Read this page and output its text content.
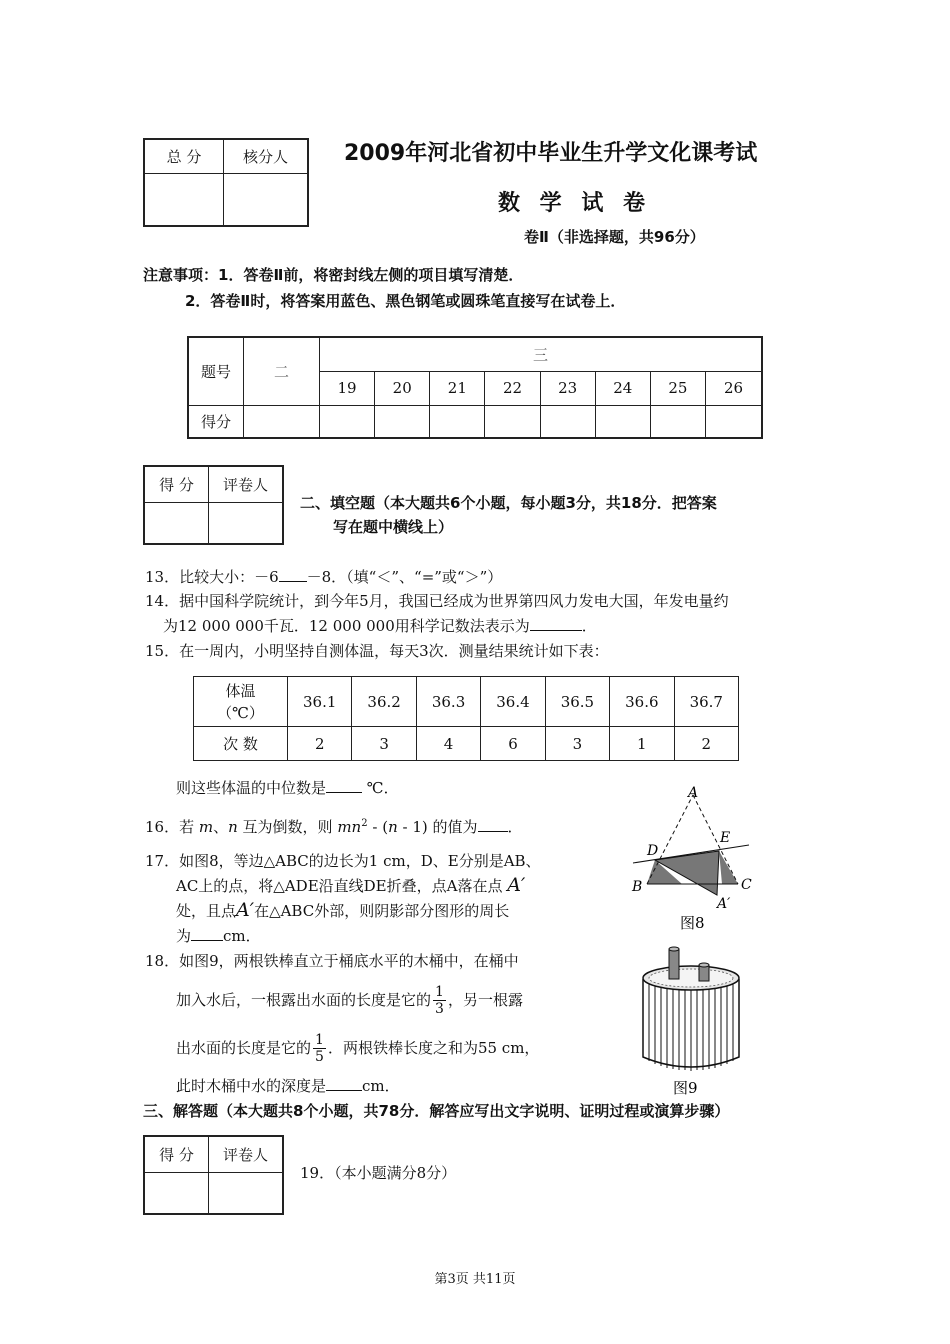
总 分	核分人
		2009年河北省初中毕业生升学文化课考试
数 学 试 卷
卷Ⅱ（非选择题，共96分）
注意事项：1．答卷Ⅱ前，将密封线左侧的项目填写清楚．
2．答卷Ⅱ时，将答案用蓝色、黑色钢笔或圆珠笔直接写在试卷上．
题号	二	三							
		19	20	21	22	23	24	25	26
得分									
得 分	评卷人

二、填空题（本大题共6个小题，每小题3分，共18分．把答案
写在题中横线上）
13．比较大小：－6 －8．（填“＜”、“=”或“＞”）
14．据中国科学院统计，到今年5月，我国已经成为世界第四风力发电大国，年发电量约
为12 000 000千瓦．12 000 000用科学记数法表示为	．
15．在一周内，小明坚持自测体温，每天3次．测量结果统计如下表：
体温
（℃）	36.1	36.2	36.3	36.4	36.5	36.6	36.7
次 数	2	3	4	6	3	1	2
则这些体温的中位数是 ℃．
16．若 m、n 互为倒数，则 $mn^2 - (n - 1)$ 的值为 ．
17．如图8，等边△ABC的边长为1 cm，D、E分别是AB、
AC上的点，将△ADE沿直线DE折叠，点A落在点 A′
处，且点A′在△ABC外部，则阴影部分图形的周长
为 cm．
A
E
D
B	C
A′
图8
18．如图9，两根铁棒直立于桶底水平的木桶中，在桶中
加入水后，一根露出水面的长度是它的 $\frac{1}{3}$ ，另一根露
出水面的长度是它的 $\frac{1}{5}$ ．两根铁棒长度之和为55 cm，
此时木桶中水的深度是 cm．	图9
三、解答题（本大题共8个小题，共78分．解答应写出文字说明、证明过程或演算步骤）
得 分	评卷人

19．（本小题满分8分）
第3页 共11页
